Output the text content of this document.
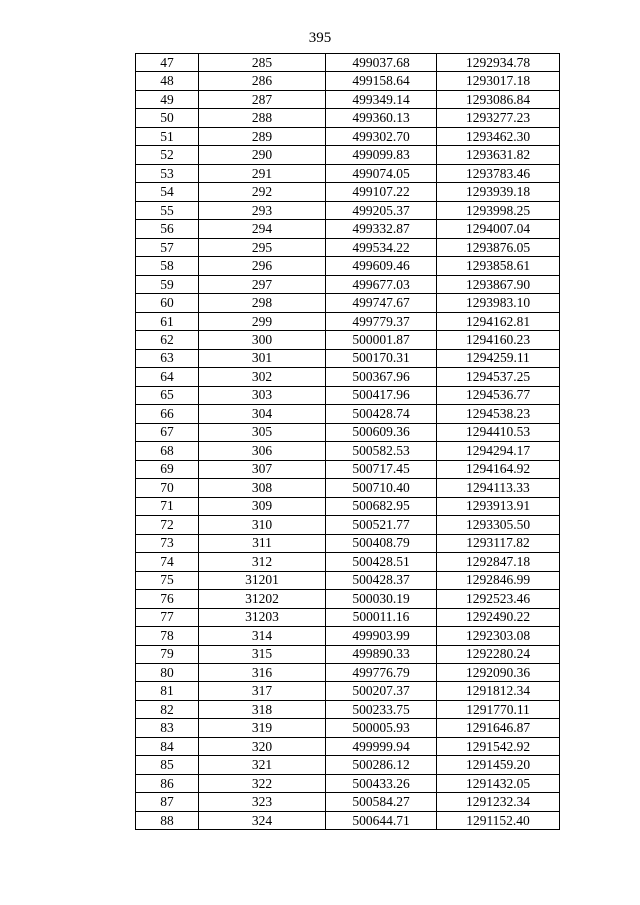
395
47	285	499037.68	1292934.78
48	286	499158.64	1293017.18
49	287	499349.14	1293086.84
50	288	499360.13	1293277.23
51	289	499302.70	1293462.30
52	290	499099.83	1293631.82
53	291	499074.05	1293783.46
54	292	499107.22	1293939.18
55	293	499205.37	1293998.25
56	294	499332.87	1294007.04
57	295	499534.22	1293876.05
58	296	499609.46	1293858.61
59	297	499677.03	1293867.90
60	298	499747.67	1293983.10
61	299	499779.37	1294162.81
62	300	500001.87	1294160.23
63	301	500170.31	1294259.11
64	302	500367.96	1294537.25
65	303	500417.96	1294536.77
66	304	500428.74	1294538.23
67	305	500609.36	1294410.53
68	306	500582.53	1294294.17
69	307	500717.45	1294164.92
70	308	500710.40	1294113.33
71	309	500682.95	1293913.91
72	310	500521.77	1293305.50
73	311	500408.79	1293117.82
74	312	500428.51	1292847.18
75	31201	500428.37	1292846.99
76	31202	500030.19	1292523.46
77	31203	500011.16	1292490.22
78	314	499903.99	1292303.08
79	315	499890.33	1292280.24
80	316	499776.79	1292090.36
81	317	500207.37	1291812.34
82	318	500233.75	1291770.11
83	319	500005.93	1291646.87
84	320	499999.94	1291542.92
85	321	500286.12	1291459.20
86	322	500433.26	1291432.05
87	323	500584.27	1291232.34
88	324	500644.71	1291152.40
